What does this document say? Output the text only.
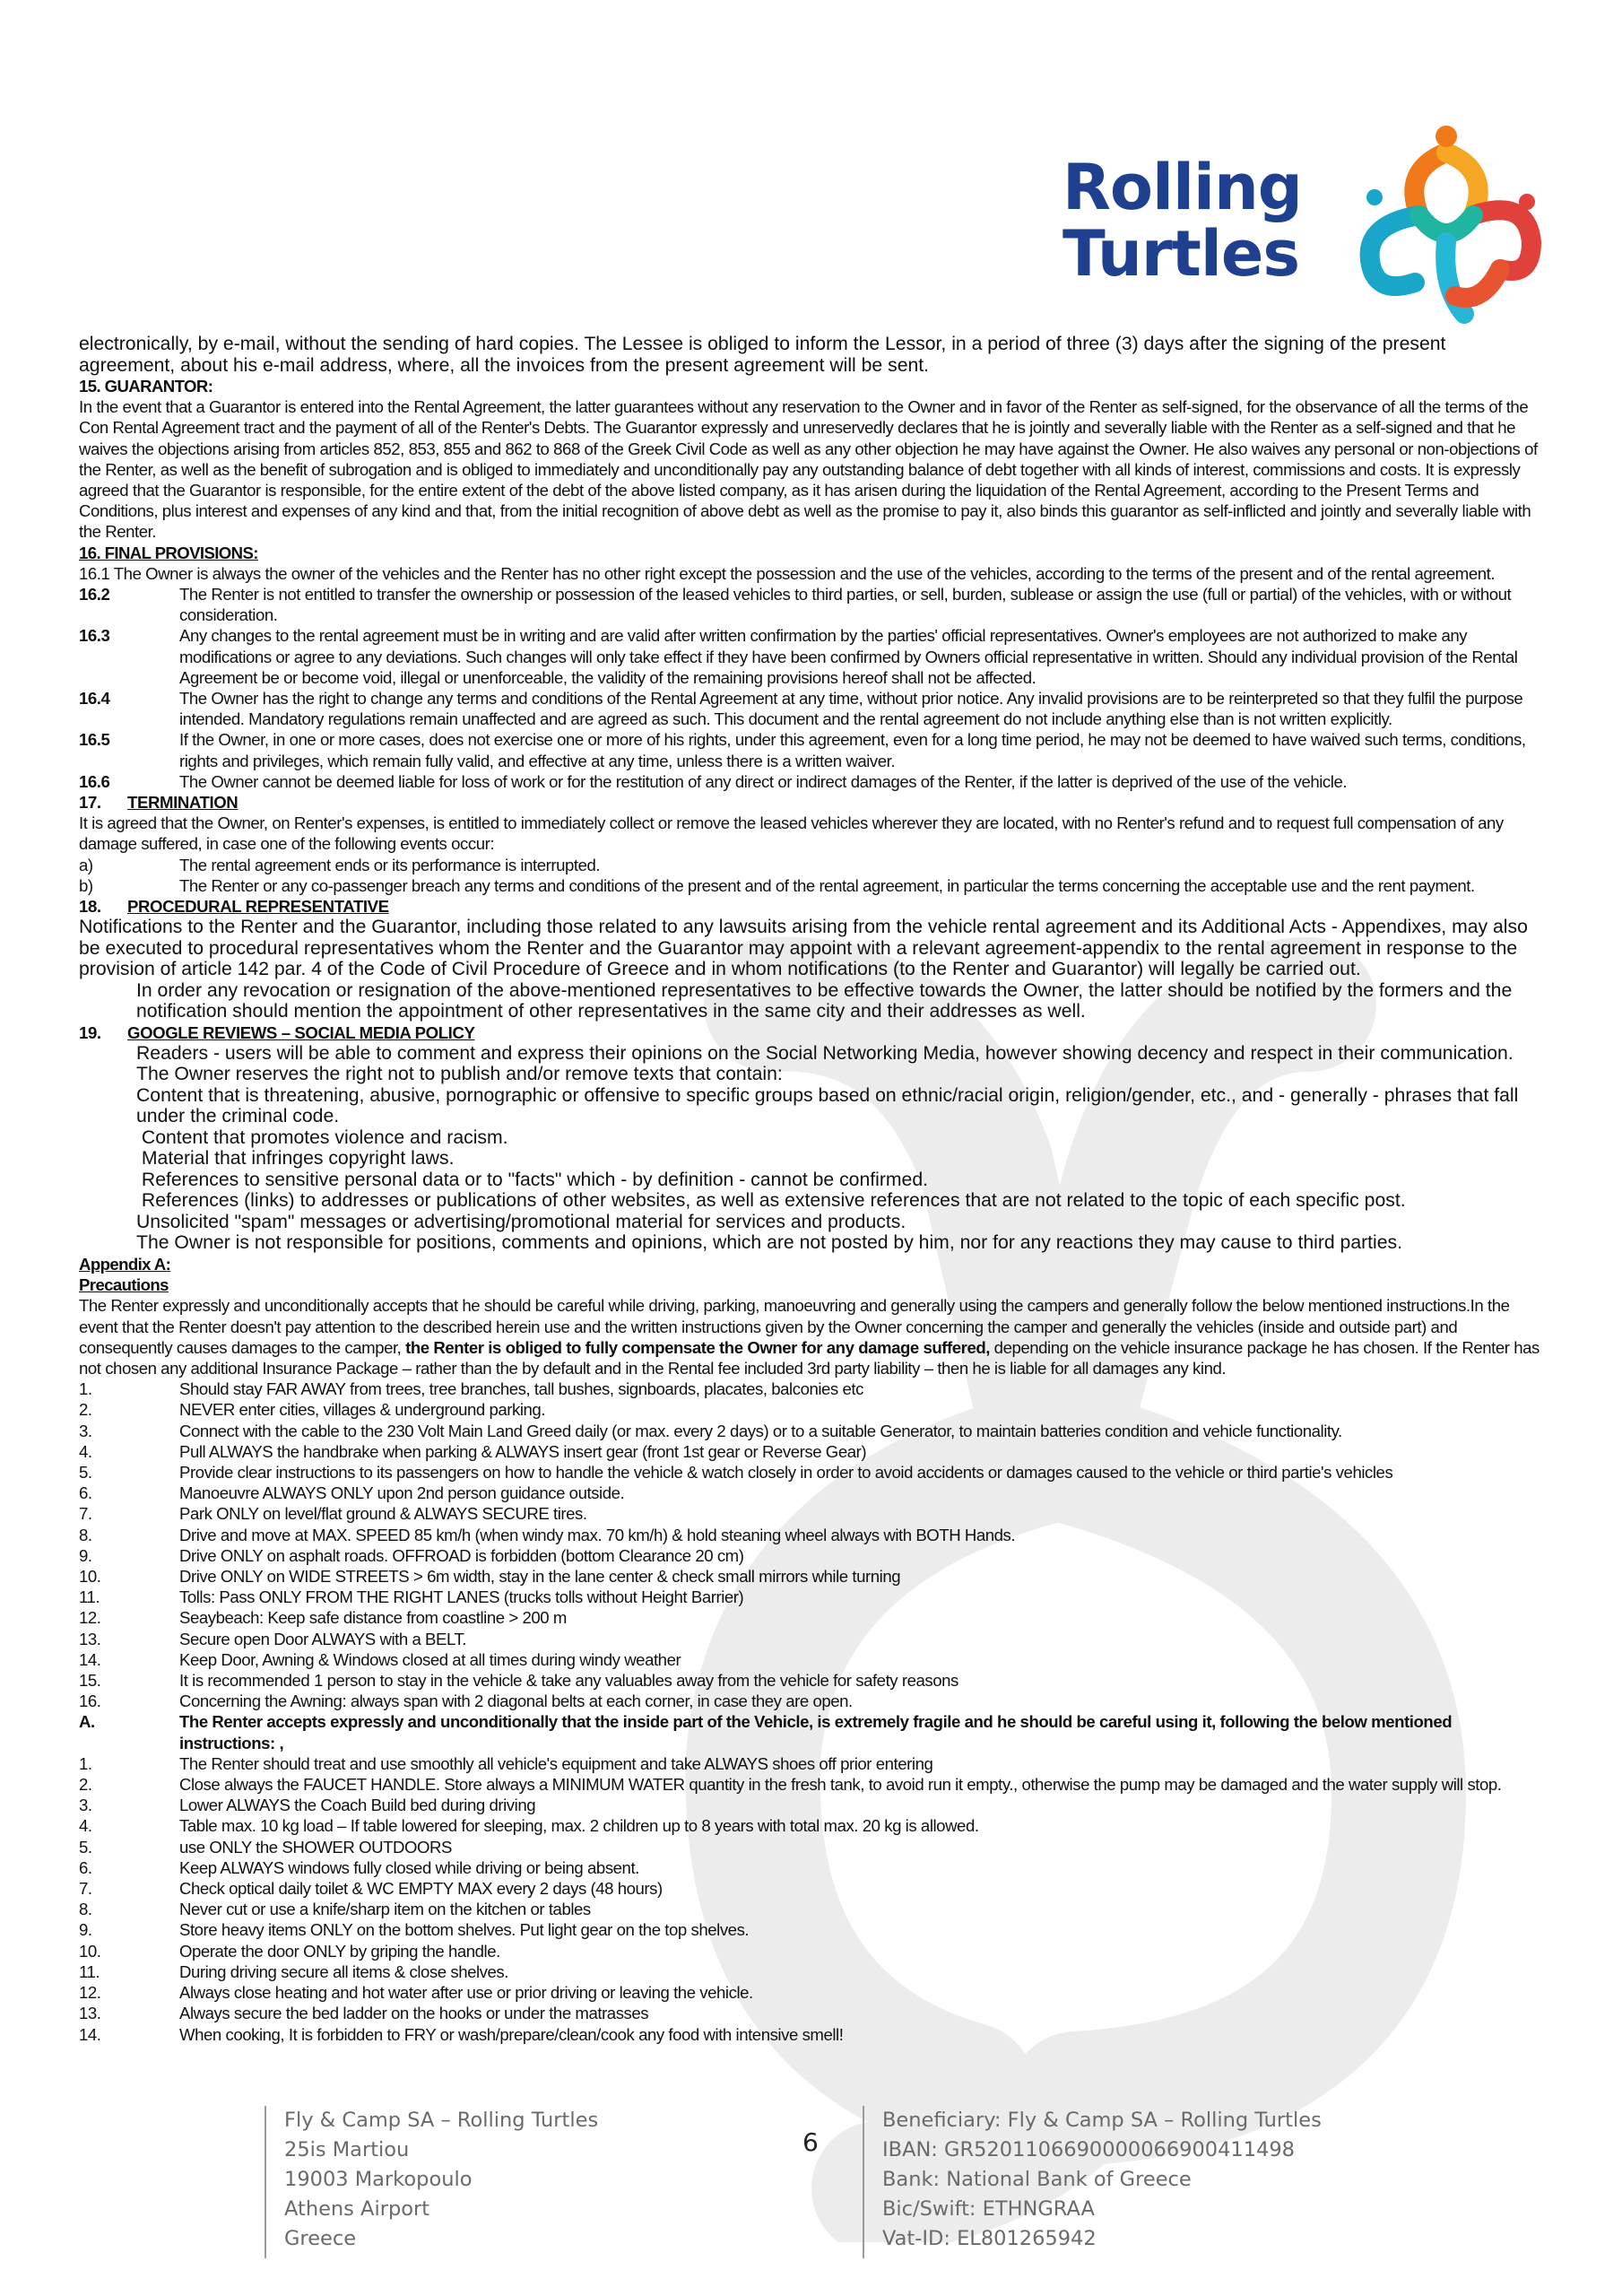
Rolling
Turtles

electronically, by e-mail, without the sending of hard copies. The Lessee is obliged to inform the Lessor, in a period of three (3) days after the signing of the present agreement, about his e-mail address, where, all the invoices from the present agreement will be sent.

15. GUARANTOR:

In the event that a Guarantor is entered into the Rental Agreement, the latter guarantees without any reservation to the Owner and in favor of the Renter as self-signed, for the observance of all the terms of the Con Rental Agreement tract and the payment of all of the Renter's Debts. The Guarantor expressly and unreservedly declares that he is jointly and severally liable with the Renter as a self-signed and that he waives the objections arising from articles 852, 853, 855 and 862 to 868 of the Greek Civil Code as well as any other objection he may have against the Owner. He also waives any personal or non-objections of the Renter, as well as the benefit of subrogation and is obliged to immediately and unconditionally pay any outstanding balance of debt together with all kinds of interest, commissions and costs. It is expressly agreed that the Guarantor is responsible, for the entire extent of the debt of the above listed company, as it has arisen during the liquidation of the Rental Agreement, according to the Present Terms and Conditions, plus interest and expenses of any kind and that, from the initial recognition of above debt as well as the promise to pay it, also binds this guarantor as self-inflicted and jointly and severally liable with the Renter.

16. FINAL PROVISIONS:

16.1 The Owner is always the owner of the vehicles and the Renter has no other right except the possession and the use of the vehicles, according to the terms of the present and of the rental agreement.

16.2	The Renter is not entitled to transfer the ownership or possession of the leased vehicles to third parties, or sell, burden, sublease or assign the use (full or partial) of the vehicles, with or without consideration.
16.3	Any changes to the rental agreement must be in writing and are valid after written confirmation by the parties' official representatives. Owner's employees are not authorized to make any modifications or agree to any deviations. Such changes will only take effect if they have been confirmed by Owners official representative in written. Should any individual provision of the Rental Agreement be or become void, illegal or unenforceable, the validity of the remaining provisions hereof shall not be affected.
16.4	The Owner has the right to change any terms and conditions of the Rental Agreement at any time, without prior notice. Any invalid provisions are to be reinterpreted so that they fulfil the purpose intended. Mandatory regulations remain unaffected and are agreed as such. This document and the rental agreement do not include anything else than is not written explicitly.
16.5	If the Owner, in one or more cases, does not exercise one or more of his rights, under this agreement, even for a long time period, he may not be deemed to have waived such terms, conditions, rights and privileges, which remain fully valid, and effective at any time, unless there is a written waiver.
16.6	The Owner cannot be deemed liable for loss of work or for the restitution of any direct or indirect damages of the Renter, if the latter is deprived of the use of the vehicle.
17.	TERMINATION

It is agreed that the Owner, on Renter's expenses, is entitled to immediately collect or remove the leased vehicles wherever they are located, with no Renter's refund and to request full compensation of any damage suffered, in case one of the following events occur:

a)	The rental agreement ends or its performance is interrupted.
b)	The Renter or any co-passenger breach any terms and conditions of the present and of the rental agreement, in particular the terms concerning the acceptable use and the rent payment.
18.	PROCEDURAL REPRESENTATIVE

Notifications to the Renter and the Guarantor, including those related to any lawsuits arising from the vehicle rental agreement and its Additional Acts - Appendixes, may also be executed to procedural representatives whom the Renter and the Guarantor may appoint with a relevant agreement-appendix to the rental agreement in response to the provision of article 142 par. 4 of the Code of Civil Procedure of Greece and in whom notifications (to the Renter and Guarantor) will legally be carried out.

In order any revocation or resignation of the above-mentioned representatives to be effective towards the Owner, the latter should be notified by the formers and the notification should mention the appointment of other representatives in the same city and their addresses as well.

19.	GOOGLE REVIEWS – SOCIAL MEDIA POLICY

Readers - users will be able to comment and express their opinions on the Social Networking Media, however showing decency and respect in their communication.

The Owner reserves the right not to publish and/or remove texts that contain:

Content that is threatening, abusive, pornographic or offensive to specific groups based on ethnic/racial origin, religion/gender, etc., and - generally - phrases that fall under the criminal code.

Content that promotes violence and racism.

Material that infringes copyright laws.

References to sensitive personal data or to "facts" which - by definition - cannot be confirmed.

References (links) to addresses or publications of other websites, as well as extensive references that are not related to the topic of each specific post.

Unsolicited "spam" messages or advertising/promotional material for services and products.

The Owner is not responsible for positions, comments and opinions, which are not posted by him, nor for any reactions they may cause to third parties.

Appendix A:

Precautions

The Renter expressly and unconditionally accepts that he should be careful while driving, parking, manoeuvring and generally using the campers and generally follow the below mentioned instructions.In the event that the Renter doesn't pay attention to the described herein use and the written instructions given by the Owner concerning the camper and generally the vehicles (inside and outside part) and consequently causes damages to the camper, the Renter is obliged to fully compensate the Owner for any damage suffered, depending on the vehicle insurance package he has chosen. If the Renter has not chosen any additional Insurance Package – rather than the by default and in the Rental fee included 3rd party liability – then he is liable for all damages any kind.

1.	Should stay FAR AWAY from trees, tree branches, tall bushes, signboards, placates, balconies etc
2.	NEVER enter cities, villages & underground parking.
3.	Connect with the cable to the 230 Volt Main Land Greed daily (or max. every 2 days) or to a suitable Generator, to maintain batteries condition and vehicle functionality.
4.	Pull ALWAYS the handbrake when parking & ALWAYS insert gear (front 1st gear or Reverse Gear)
5.	Provide clear instructions to its passengers on how to handle the vehicle & watch closely in order to avoid accidents or damages caused to the vehicle or third partie's vehicles
6.	Manoeuvre ALWAYS ONLY upon 2nd person guidance outside.
7.	Park ONLY on level/flat ground & ALWAYS SECURE tires.
8.	Drive and move at MAX. SPEED 85 km/h (when windy max. 70 km/h) & hold steaning wheel always with BOTH Hands.
9.	Drive ONLY on asphalt roads. OFFROAD is forbidden (bottom Clearance 20 cm)
10.	Drive ONLY on WIDE STREETS > 6m width, stay in the lane center & check small mirrors while turning
11.	Tolls: Pass ONLY FROM THE RIGHT LANES (trucks tolls without Height Barrier)
12.	Seaybeach: Keep safe distance from coastline > 200 m
13.	Secure open Door ALWAYS with a BELT.
14.	Keep Door, Awning & Windows closed at all times during windy weather
15.	It is recommended 1 person to stay in the vehicle & take any valuables away from the vehicle for safety reasons
16.	Concerning the Awning: always span with 2 diagonal belts at each corner, in case they are open.
A.	The Renter accepts expressly and unconditionally that the inside part of the Vehicle, is extremely fragile and he should be careful using it, following the below mentioned instructions: ,
1.	The Renter should treat and use smoothly all vehicle's equipment and take ALWAYS shoes off prior entering
2.	Close always the FAUCET HANDLE. Store always a MINIMUM WATER quantity in the fresh tank, to avoid run it empty., otherwise the pump may be damaged and the water supply will stop.
3.	Lower ALWAYS the Coach Build bed during driving
4.	Table max. 10 kg load – If table lowered for sleeping, max. 2 children up to 8 years with total max. 20 kg is allowed.
5.	use ONLY the SHOWER OUTDOORS
6.	Keep ALWAYS windows fully closed while driving or being absent.
7.	Check optical daily toilet & WC EMPTY MAX every 2 days (48 hours)
8.	Never cut or use a knife/sharp item on the kitchen or tables
9.	Store heavy items ONLY on the bottom shelves. Put light gear on the top shelves.
10.	Operate the door ONLY by griping the handle.
11.	During driving secure all items & close shelves.
12.	Always close heating and hot water after use or prior driving or leaving the vehicle.
13.	Always secure the bed ladder on the hooks or under the matrasses
14.	When cooking, It is forbidden to FRY or wash/prepare/clean/cook any food with intensive smell!
Fly & Camp SA – Rolling Turtles
25is Martiou
19003 Markopoulo
Athens Airport
Greece
6
Beneficiary: Fly & Camp SA – Rolling Turtles
IBAN: GR5201106690000066900411498
Bank: National Bank of Greece
Bic/Swift: ETHNGRAA
Vat-ID: EL801265942
